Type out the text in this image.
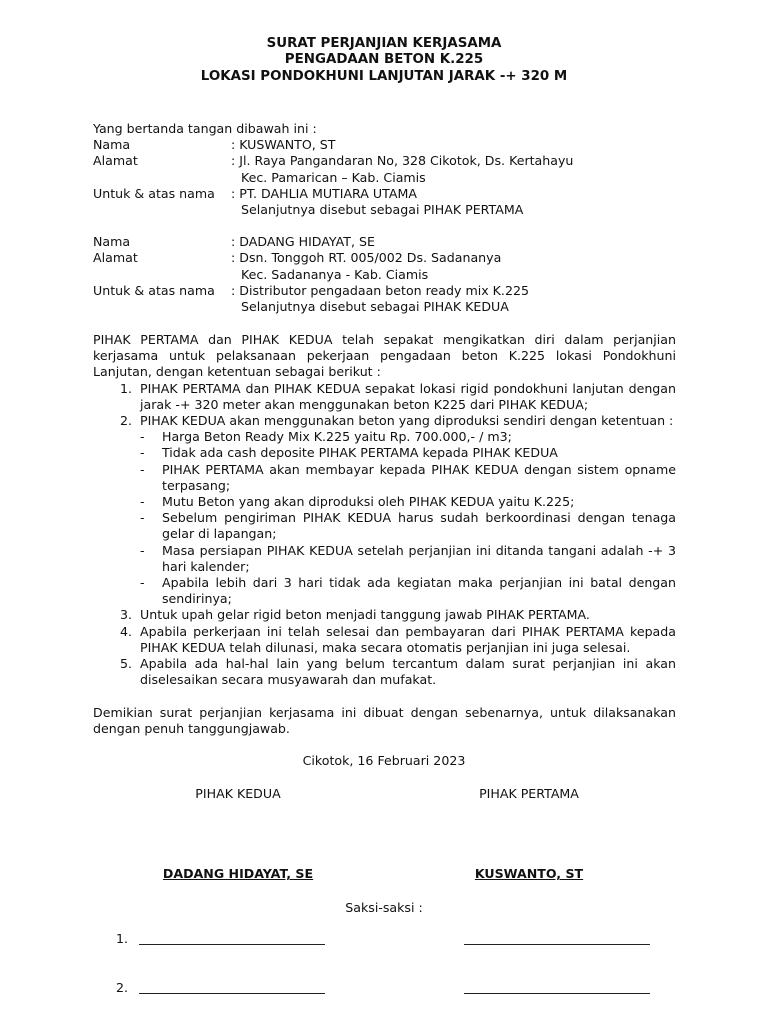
SURAT PERJANJIAN KERJASAMA
PENGADAAN BETON K.225
LOKASI PONDOKHUNI LANJUTAN JARAK -+ 320 M
Yang bertanda tangan dibawah ini :
Nama	: KUSWANTO, ST
Alamat	: Jl. Raya Pangandaran No, 328 Cikotok, Ds. Kertahayu
Kec. Pamarican – Kab. Ciamis
Untuk & atas nama	: PT. DAHLIA MUTIARA UTAMA
Selanjutnya disebut sebagai PIHAK PERTAMA
Nama	: DADANG HIDAYAT, SE
Alamat	: Dsn. Tonggoh RT. 005/002 Ds. Sadananya
Kec. Sadananya - Kab. Ciamis
Untuk & atas nama	: Distributor pengadaan beton ready mix K.225
Selanjutnya disebut sebagai PIHAK KEDUA
PIHAK PERTAMA dan PIHAK KEDUA telah sepakat mengikatkan diri dalam perjanjian kerjasama untuk pelaksanaan pekerjaan pengadaan beton K.225 lokasi Pondokhuni Lanjutan, dengan ketentuan sebagai berikut :
1. PIHAK PERTAMA dan PIHAK KEDUA sepakat lokasi rigid pondokhuni lanjutan dengan jarak -+ 320 meter akan menggunakan beton K225 dari PIHAK KEDUA;
2. PIHAK KEDUA akan menggunakan beton yang diproduksi sendiri dengan ketentuan :
-	Harga Beton Ready Mix K.225 yaitu Rp. 700.000,- / m3;
-	Tidak ada cash deposite PIHAK PERTAMA kepada PIHAK KEDUA
-	PIHAK PERTAMA akan membayar kepada PIHAK KEDUA dengan sistem opname terpasang;
-	Mutu Beton yang akan diproduksi oleh PIHAK KEDUA yaitu K.225;
-	Sebelum pengiriman PIHAK KEDUA harus sudah berkoordinasi dengan tenaga gelar di lapangan;
-	Masa persiapan PIHAK KEDUA setelah perjanjian ini ditanda tangani adalah -+ 3 hari kalender;
-	Apabila lebih dari 3 hari tidak ada kegiatan maka perjanjian ini batal dengan sendirinya;
3. Untuk upah gelar rigid beton menjadi tanggung jawab PIHAK PERTAMA.
4. Apabila perkerjaan ini telah selesai dan pembayaran dari PIHAK PERTAMA kepada PIHAK KEDUA telah dilunasi, maka secara otomatis perjanjian ini juga selesai.
5. Apabila ada hal-hal lain yang belum tercantum dalam surat perjanjian ini akan diselesaikan secara musyawarah dan mufakat.
Demikian surat perjanjian kerjasama ini dibuat dengan sebenarnya, untuk dilaksanakan dengan penuh tanggungjawab.
Cikotok, 16 Februari 2023
PIHAK KEDUA	PIHAK PERTAMA
DADANG HIDAYAT, SE	KUSWANTO, ST
Saksi-saksi :
1.
2.
